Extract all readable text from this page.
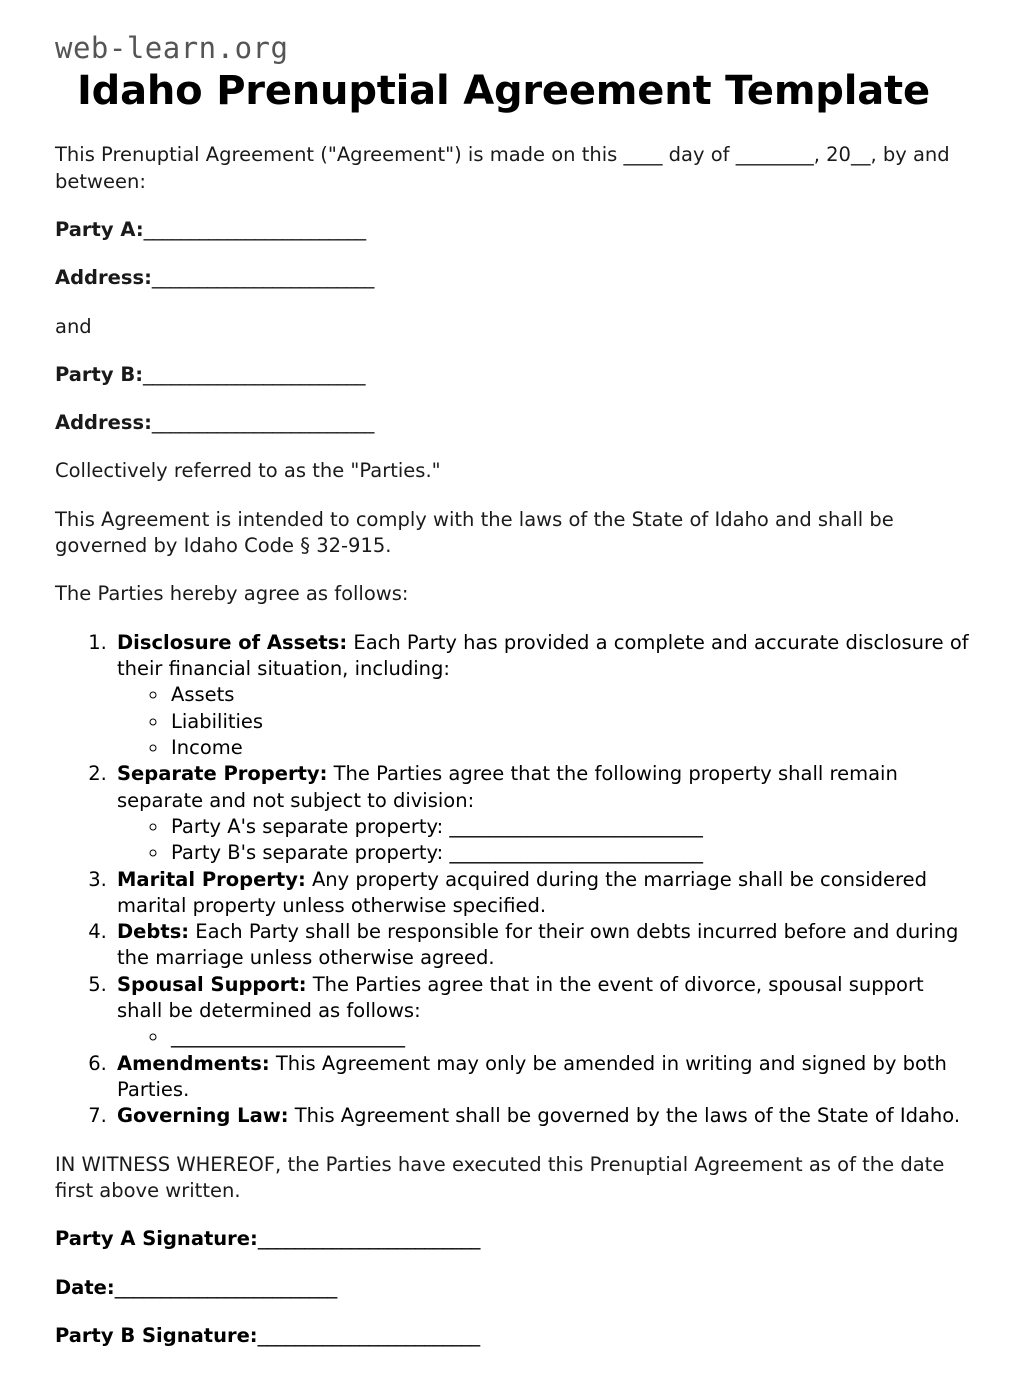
web-learn.org
Idaho Prenuptial Agreement Template

This Prenuptial Agreement ("Agreement") is made on this ____ day of ________, 20__, by and between:

Party A:________________________

Address:________________________

and

Party B:________________________

Address:________________________

Collectively referred to as the "Parties."

This Agreement is intended to comply with the laws of the State of Idaho and shall be governed by Idaho Code § 32-915.

The Parties hereby agree as follows:

1. Disclosure of Assets: Each Party has provided a complete and accurate disclosure of their financial situation, including:
◦ Assets
◦ Liabilities
◦ Income
2. Separate Property: The Parties agree that the following property shall remain separate and not subject to division:
◦ Party A's separate property: __________________________
◦ Party B's separate property: __________________________
3. Marital Property: Any property acquired during the marriage shall be considered marital property unless otherwise specified.
4. Debts: Each Party shall be responsible for their own debts incurred before and during the marriage unless otherwise agreed.
5. Spousal Support: The Parties agree that in the event of divorce, spousal support shall be determined as follows:
◦ ________________________
6. Amendments: This Agreement may only be amended in writing and signed by both Parties.
7. Governing Law: This Agreement shall be governed by the laws of the State of Idaho.

IN WITNESS WHEREOF, the Parties have executed this Prenuptial Agreement as of the date first above written.

Party A Signature:________________________

Date:________________________

Party B Signature:________________________
